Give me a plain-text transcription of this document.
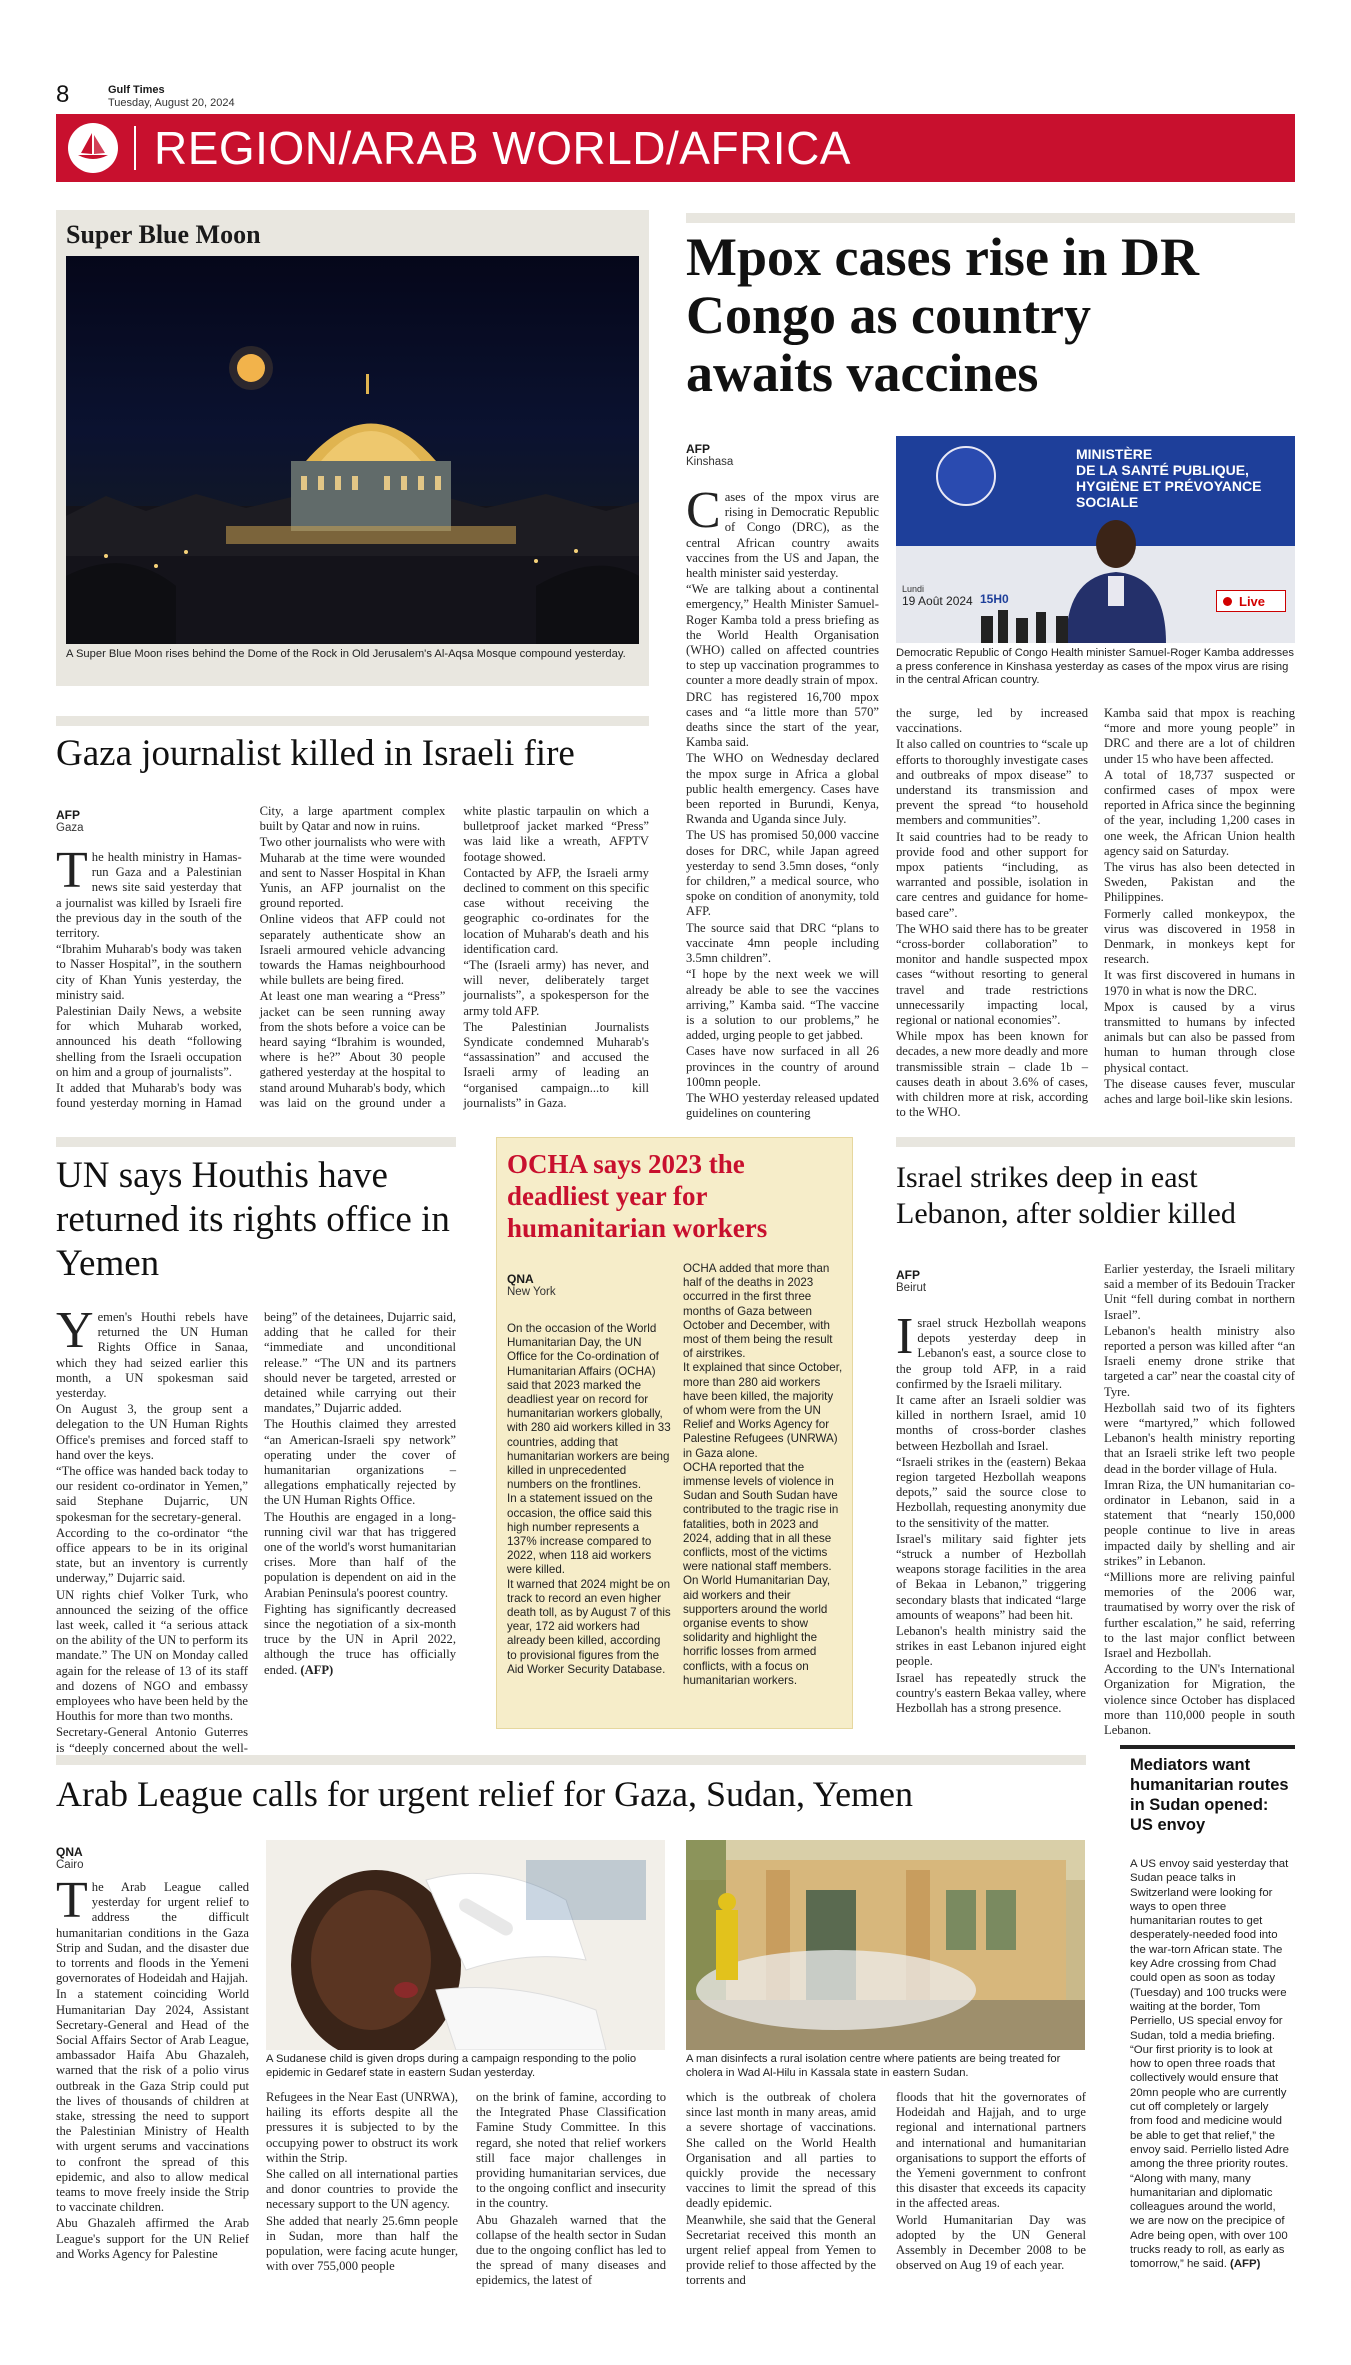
8	Gulf Times
Tuesday, August 20, 2024
REGION/ARAB WORLD/AFRICA
Super Blue Moon
A Super Blue Moon rises behind the Dome of the Rock in Old Jerusalem's Al-Aqsa Mosque compound yesterday.
Mpox cases rise in DR Congo as country awaits vaccines
AFP
Kinshasa	MINISTÈRE
DE LA SANTÉ PUBLIQUE,
HYGIÈNE ET PRÉVOYANCE
SOCIALE
Lundi
19 Août 2024 15H0	Live
Democratic Republic of Congo Health minister Samuel-Roger Kamba addresses a press conference in Kinshasa yesterday as cases of the mpox virus are rising in the central African country.

Cases of the mpox virus are rising in Democratic Republic of Congo (DRC), as the central African country awaits vaccines from the US and Japan, the health minister said yesterday.

“We are talking about a continental emergency,” Health Minister Samuel-Roger Kamba told a press briefing as the World Health Organisation (WHO) called on affected countries to step up vaccination programmes to counter a more deadly strain of mpox.

DRC has registered 16,700 mpox cases and “a little more than 570” deaths since the start of the year, Kamba said.

The WHO on Wednesday declared the mpox surge in Africa a global public health emergency. Cases have been reported in Burundi, Kenya, Rwanda and Uganda since July.

The US has promised 50,000 vaccine doses for DRC, while Japan agreed yesterday to send 3.5mn doses, “only for children,” a medical source, who spoke on condition of anonymity, told AFP.

The source said that DRC “plans to vaccinate 4mn people including 3.5mn children”.

“I hope by the next week we will already be able to see the vaccines arriving,” Kamba said. “The vaccine is a solution to our problems,” he added, urging people to get jabbed.

Cases have now surfaced in all 26 provinces in the country of around 100mn people.

The WHO yesterday released updated guidelines on countering

the surge, led by increased vaccinations.

It also called on countries to “scale up efforts to thoroughly investigate cases and outbreaks of mpox disease” to understand its transmission and prevent the spread “to household members and communities”.

It said countries had to be ready to provide food and other support for mpox patients “including, as warranted and possible, isolation in care centres and guidance for home-based care”.

The WHO said there has to be greater “cross-border collaboration” to monitor and handle suspected mpox cases “without resorting to general travel and trade restrictions unnecessarily impacting local, regional or national economies”.

While mpox has been known for decades, a new more deadly and more transmissible strain – clade 1b – causes death in about 3.6% of cases, with children more at risk, according to the WHO.

Kamba said that mpox is reaching “more and more young people” in DRC and there are a lot of children under 15 who have been affected.

A total of 18,737 suspected or confirmed cases of mpox were reported in Africa since the beginning of the year, including 1,200 cases in one week, the African Union health agency said on Saturday.

The virus has also been detected in Sweden, Pakistan and the Philippines.

Formerly called monkeypox, the virus was discovered in 1958 in Denmark, in monkeys kept for research.

It was first discovered in humans in 1970 in what is now the DRC.

Mpox is caused by a virus transmitted to humans by infected animals but can also be passed from human to human through close physical contact.

The disease causes fever, muscular aches and large boil-like skin lesions.

Gaza journalist killed in Israeli fire
AFP
Gaza

The health ministry in Hamas-run Gaza and a Palestinian news site said yesterday that a journalist was killed by Israeli fire the previous day in the south of the territory.

“Ibrahim Muharab's body was taken to Nasser Hospital”, in the southern city of Khan Yunis yesterday, the ministry said.

Palestinian Daily News, a website for which Muharab worked, announced his death “following shelling from the Israeli occupation on him and a group of journalists”.

It added that Muharab's body was found yesterday morning in Hamad City, a large apartment complex built by Qatar and now in ruins.

Two other journalists who were with Muharab at the time were wounded and sent to Nasser Hospital in Khan Yunis, an AFP journalist on the ground reported.

Online videos that AFP could not separately authenticate show an Israeli armoured vehicle advancing towards the Hamas neighbourhood while bullets are being fired.

At least one man wearing a “Press” jacket can be seen running away from the shots before a voice can be heard saying “Ibrahim is wounded, where is he?” About 30 people gathered yesterday at the hospital to stand around Muharab's body, which was laid on the ground under a white plastic tarpaulin on which a bulletproof jacket marked “Press” was laid like a wreath, AFPTV footage showed.

Contacted by AFP, the Israeli army declined to comment on this specific case without receiving the geographic co-ordinates for the location of Muharab's death and his identification card.

“The (Israeli army) has never, and will never, deliberately target journalists”, a spokesperson for the army told AFP.

The Palestinian Journalists Syndicate condemned Muharab's “assassination” and accused the Israeli army of leading an “organised campaign...to kill journalists” in Gaza.

UN says Houthis have returned its rights office in Yemen

Yemen's Houthi rebels have returned the UN Human Rights Office in Sanaa, which they had seized earlier this month, a UN spokesman said yesterday.

On August 3, the group sent a delegation to the UN Human Rights Office's premises and forced staff to hand over the keys.

“The office was handed back today to our resident co-ordinator in Yemen,” said Stephane Dujarric, UN spokesman for the secretary-general.

According to the co-ordinator “the office appears to be in its original state, but an inventory is currently underway,” Dujarric said.

UN rights chief Volker Turk, who announced the seizing of the office last week, called it “a serious attack on the ability of the UN to perform its mandate.” The UN on Monday called again for the release of 13 of its staff and dozens of NGO and embassy employees who have been held by the Houthis for more than two months.

Secretary-General Antonio Guterres is “deeply concerned about the well-being” of the detainees, Dujarric said, adding that he called for their “immediate and unconditional release.” “The UN and its partners should never be targeted, arrested or detained while carrying out their mandates,” Dujarric added.

The Houthis claimed they arrested “an American-Israeli spy network” operating under the cover of humanitarian organizations – allegations emphatically rejected by the UN Human Rights Office.

The Houthis are engaged in a long-running civil war that has triggered one of the world's worst humanitarian crises. More than half of the population is dependent on aid in the Arabian Peninsula's poorest country.

Fighting has significantly decreased since the negotiation of a six-month truce by the UN in April 2022, although the truce has officially ended. (AFP)

OCHA says 2023 the deadliest year for humanitarian workers
QNA
New York

On the occasion of the World Humanitarian Day, the UN Office for the Co-ordination of Humanitarian Affairs (OCHA) said that 2023 marked the deadliest year on record for humanitarian workers globally, with 280 aid workers killed in 33 countries, adding that humanitarian workers are being killed in unprecedented numbers on the frontlines.

In a statement issued on the occasion, the office said this high number represents a 137% increase compared to 2022, when 118 aid workers were killed.

It warned that 2024 might be on track to record an even higher death toll, as by August 7 of this year, 172 aid workers had already been killed, according to provisional figures from the Aid Worker Security Database.

OCHA added that more than half of the deaths in 2023 occurred in the first three months of Gaza between October and December, with most of them being the result of airstrikes.

It explained that since October, more than 280 aid workers have been killed, the majority of whom were from the UN Relief and Works Agency for Palestine Refugees (UNRWA) in Gaza alone.

OCHA reported that the immense levels of violence in Sudan and South Sudan have contributed to the tragic rise in fatalities, both in 2023 and 2024, adding that in all these conflicts, most of the victims were national staff members.

On World Humanitarian Day, aid workers and their supporters around the world organise events to show solidarity and highlight the horrific losses from armed conflicts, with a focus on humanitarian workers.

Israel strikes deep in east Lebanon, after soldier killed
AFP
Beirut

Israel struck Hezbollah weapons depots yesterday deep in Lebanon's east, a source close to the group told AFP, in a raid confirmed by the Israeli military.

It came after an Israeli soldier was killed in northern Israel, amid 10 months of cross-border clashes between Hezbollah and Israel.

“Israeli strikes in the (eastern) Bekaa region targeted Hezbollah weapons depots,” said the source close to Hezbollah, requesting anonymity due to the sensitivity of the matter.

Israel's military said fighter jets “struck a number of Hezbollah weapons storage facilities in the area of Bekaa in Lebanon,” triggering secondary blasts that indicated “large amounts of weapons” had been hit.

Lebanon's health ministry said the strikes in east Lebanon injured eight people.

Israel has repeatedly struck the country's eastern Bekaa valley, where Hezbollah has a strong presence.

Earlier yesterday, the Israeli military said a member of its Bedouin Tracker Unit “fell during combat in northern Israel”.

Lebanon's health ministry also reported a person was killed after “an Israeli enemy drone strike that targeted a car” near the coastal city of Tyre.

Hezbollah said two of its fighters were “martyred,” which followed Lebanon's health ministry reporting that an Israeli strike left two people dead in the border village of Hula.

Imran Riza, the UN humanitarian co-ordinator in Lebanon, said in a statement that “nearly 150,000 people continue to live in areas impacted daily by shelling and air strikes” in Lebanon.

“Millions more are reliving painful memories of the 2006 war, traumatised by worry over the risk of further escalation,” he said, referring to the last major conflict between Israel and Hezbollah.

According to the UN's International Organization for Migration, the violence since October has displaced more than 110,000 people in south Lebanon.

Arab League calls for urgent relief for Gaza, Sudan, Yemen
QNA
Cairo

The Arab League called yesterday for urgent relief to address the difficult humanitarian conditions in the Gaza Strip and Sudan, and the disaster due to torrents and floods in the Yemeni governorates of Hodeidah and Hajjah.

In a statement coinciding World Humanitarian Day 2024, Assistant Secretary-General and Head of the Social Affairs Sector of Arab League, ambassador Haifa Abu Ghazaleh, warned that the risk of a polio virus outbreak in the Gaza Strip could put the lives of thousands of children at stake, stressing the need to support the Palestinian Ministry of Health with urgent serums and vaccinations to confront the spread of this epidemic, and also to allow medical teams to move freely inside the Strip to vaccinate children.

Abu Ghazaleh affirmed the Arab League's support for the UN Relief and Works Agency for Palestine

A Sudanese child is given drops during a campaign responding to the polio epidemic in Gedaref state in eastern Sudan yesterday.
A man disinfects a rural isolation centre where patients are being treated for cholera in Wad Al-Hilu in Kassala state in eastern Sudan.

Refugees in the Near East (UNRWA), hailing its efforts despite all the pressures it is subjected to by the occupying power to obstruct its work within the Strip.

She called on all international parties and donor countries to provide the necessary support to the UN agency.

She added that nearly 25.6mn people in Sudan, more than half the population, were facing acute hunger, with over 755,000 people

on the brink of famine, according to the Integrated Phase Classification Famine Study Committee. In this regard, she noted that relief workers still face major challenges in providing humanitarian services, due to the ongoing conflict and insecurity in the country.

Abu Ghazaleh warned that the collapse of the health sector in Sudan due to the ongoing conflict has led to the spread of many diseases and epidemics, the latest of

which is the outbreak of cholera since last month in many areas, amid a severe shortage of vaccinations. She called on the World Health Organisation and all parties to quickly provide the necessary vaccines to limit the spread of this deadly epidemic.

Meanwhile, she said that the General Secretariat received this month an urgent relief appeal from Yemen to provide relief to those affected by the torrents and

floods that hit the governorates of Hodeidah and Hajjah, and to urge regional and international partners and international and humanitarian organisations to support the efforts of the Yemeni government to confront this disaster that exceeds its capacity in the affected areas.

World Humanitarian Day was adopted by the UN General Assembly in December 2008 to be observed on Aug 19 of each year.

Mediators want humanitarian routes in Sudan opened: US envoy
A US envoy said yesterday that Sudan peace talks in Switzerland were looking for ways to open three humanitarian routes to get desperately-needed food into the war-torn African state. The key Adre crossing from Chad could open as soon as today (Tuesday) and 100 trucks were waiting at the border, Tom Perriello, US special envoy for Sudan, told a media briefing. “Our first priority is to look at how to open three roads that collectively would ensure that 20mn people who are currently cut off completely or largely from food and medicine would be able to get that relief,” the envoy said. Perriello listed Adre among the three priority routes. “Along with many, many humanitarian and diplomatic colleagues around the world, we are now on the precipice of Adre being open, with over 100 trucks ready to roll, as early as tomorrow,” he said. (AFP)
